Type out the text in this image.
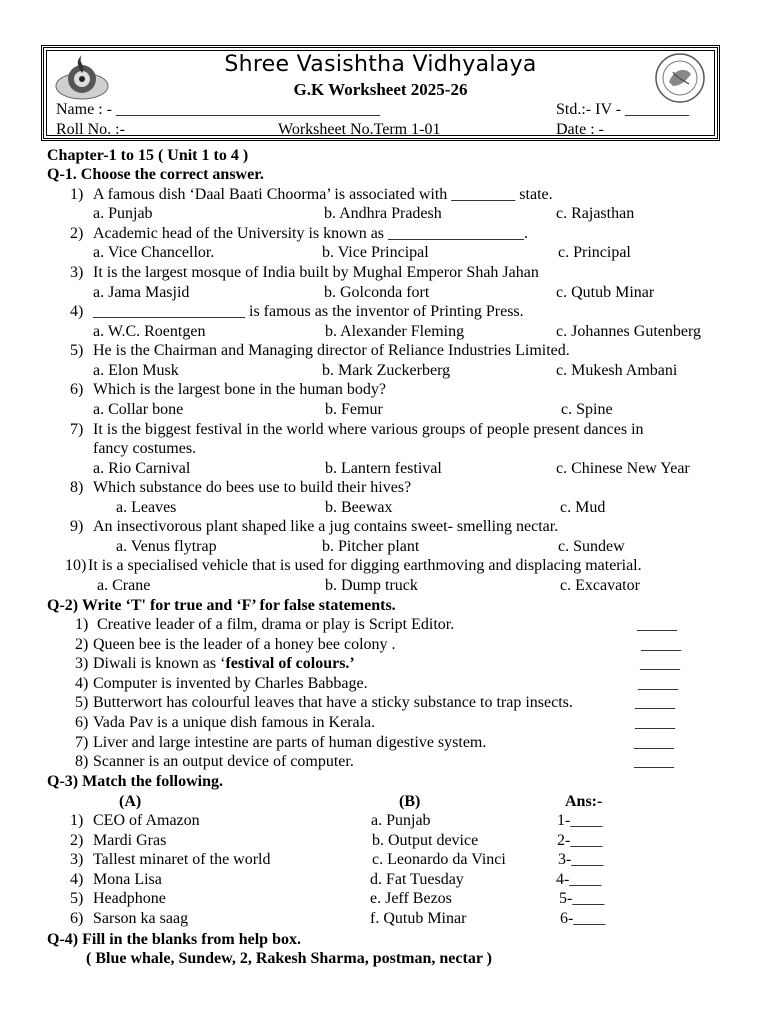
Shree Vasishtha Vidhyalaya
G.K Worksheet 2025-26
Name : - _________________________________	Std.:- IV - ________
Roll No. :-_______	Worksheet No.Term 1-01	Date : - ___________
Chapter-1 to 15 ( Unit 1 to 4 )
Q-1. Choose the correct answer.
1) A famous dish ‘Daal Baati Choorma’ is associated with ________ state.
a. Punjab	b. Andhra Pradesh	c. Rajasthan
2) Academic head of the University is known as _________________.
a. Vice Chancellor.	b. Vice Principal	c. Principal
3) It is the largest mosque of India built by Mughal Emperor Shah Jahan
a. Jama Masjid	b. Golconda fort	c. Qutub Minar
4) ___________________ is famous as the inventor of Printing Press.
a. W.C. Roentgen	b. Alexander Fleming	c. Johannes Gutenberg
5) He is the Chairman and Managing director of Reliance Industries Limited.
a. Elon Musk	b. Mark Zuckerberg	c. Mukesh Ambani
6) Which is the largest bone in the human body?
a. Collar bone	b. Femur	c. Spine
7) It is the biggest festival in the world where various groups of people present dances in
fancy costumes.
a. Rio Carnival	b. Lantern festival	c. Chinese New Year
8) Which substance do bees use to build their hives?
a. Leaves	b. Beewax	c. Mud
9) An insectivorous plant shaped like a jug contains sweet- smelling nectar.
a. Venus flytrap	b. Pitcher plant	c. Sundew
10) It is a specialised vehicle that is used for digging earthmoving and displacing material.
a. Crane	b. Dump truck	c. Excavator
Q-2) Write ‘T' for true and ‘F’ for false statements.
1) Creative leader of a film, drama or play is Script Editor.	_____
2) Queen bee is the leader of a honey bee colony .	_____
3) Diwali is known as ‘festival of colours.’	_____
4) Computer is invented by Charles Babbage.	_____
5) Butterwort has colourful leaves that have a sticky substance to trap insects.	_____
6) Vada Pav is a unique dish famous in Kerala.	_____
7) Liver and large intestine are parts of human digestive system.	_____
8) Scanner is an output device of computer.	_____
Q-3) Match the following.
(A)	(B)	Ans:-
1) CEO of Amazon	a. Punjab	1-____
2) Mardi Gras	b. Output device	2-____
3) Tallest minaret of the world	c. Leonardo da Vinci	3-____
4) Mona Lisa	d. Fat Tuesday	4-____
5) Headphone	e. Jeff Bezos	5-____
6) Sarson ka saag	f. Qutub Minar	6-____
Q-4) Fill in the blanks from help box.
( Blue whale, Sundew, 2, Rakesh Sharma, postman, nectar )
